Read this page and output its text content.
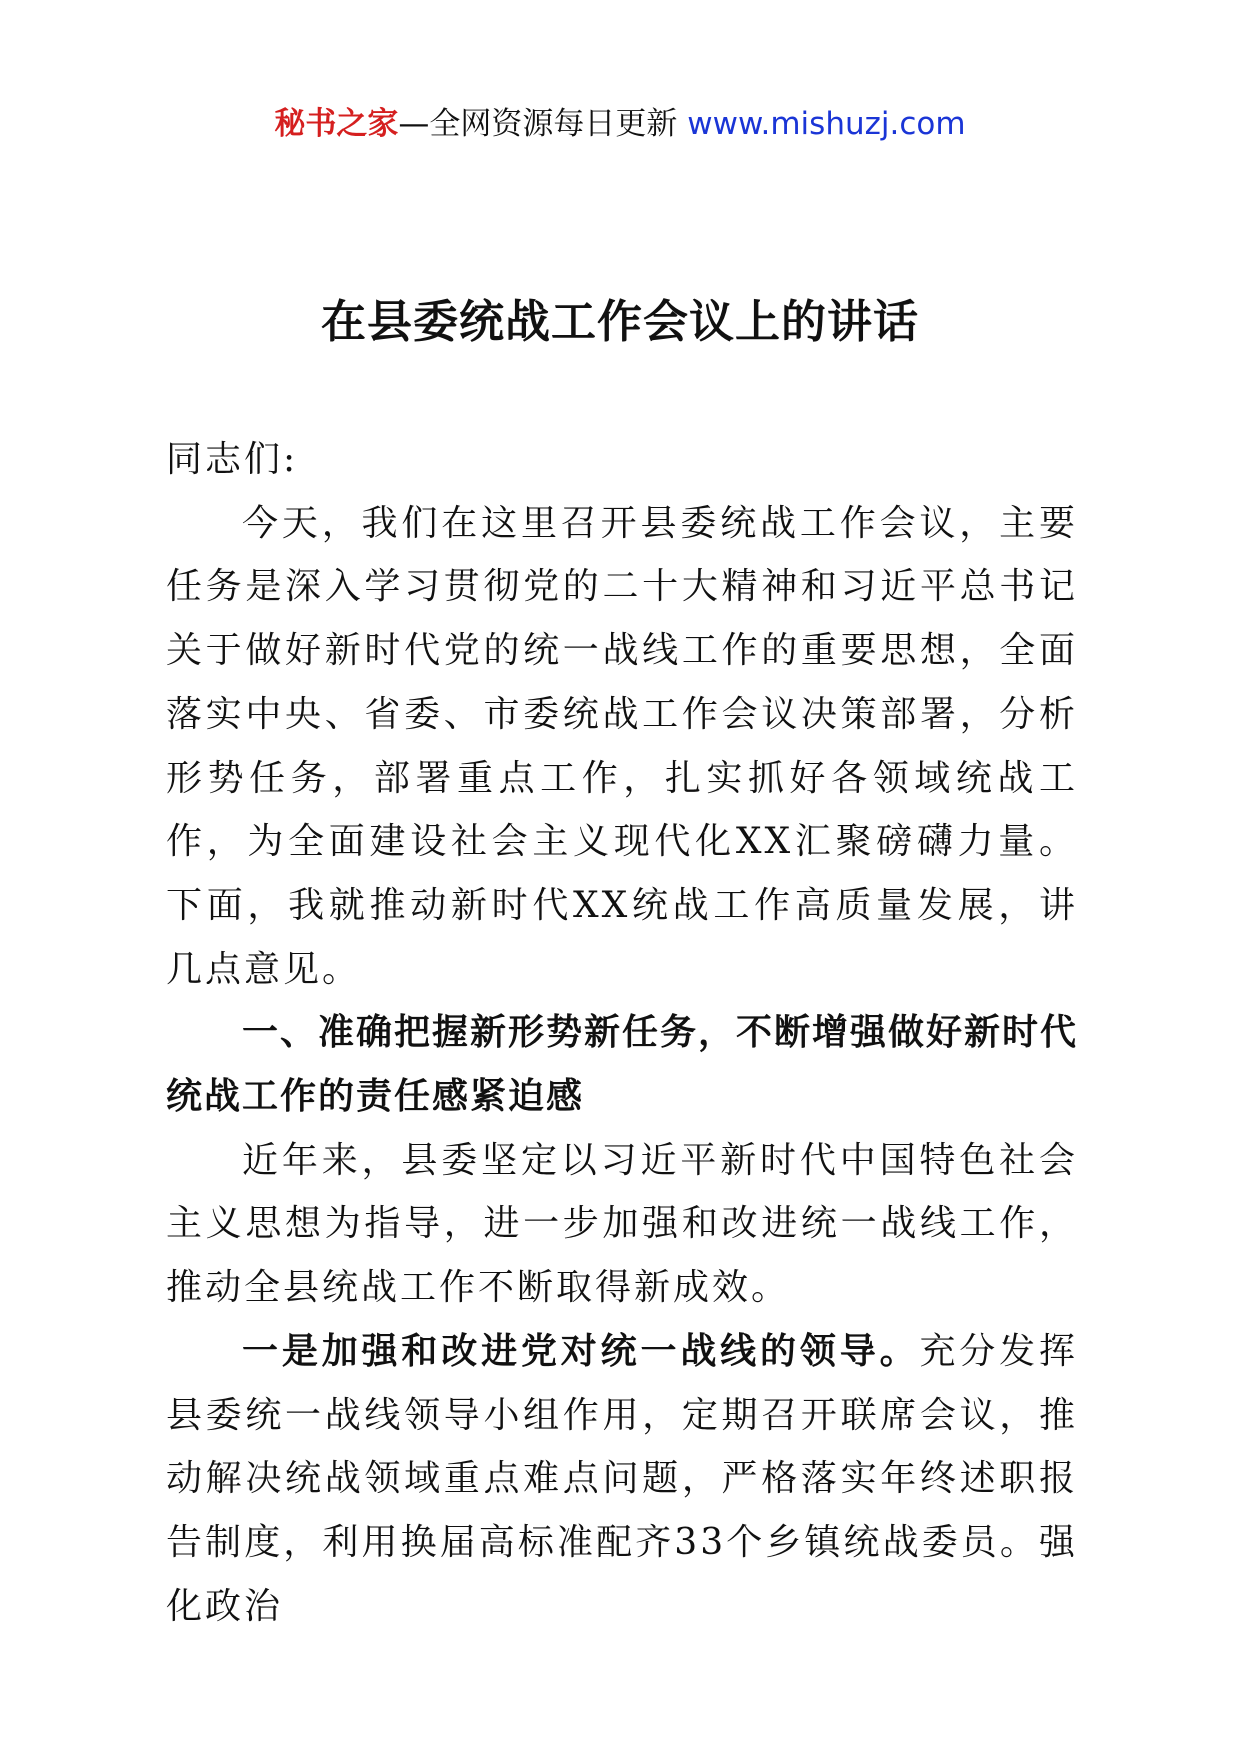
秘书之家—全网资源每日更新 www.mishuzj.com
在县委统战工作会议上的讲话

同志们:

今天，我们在这里召开县委统战工作会议，主要任务是深入学习贯彻党的二十大精神和习近平总书记关于做好新时代党的统一战线工作的重要思想，全面落实中央、省委、市委统战工作会议决策部署，分析形势任务，部署重点工作，扎实抓好各领域统战工作，为全面建设社会主义现代化XX汇聚磅礴力量。下面，我就推动新时代XX统战工作高质量发展，讲几点意见。

一、准确把握新形势新任务，不断增强做好新时代统战工作的责任感紧迫感

近年来，县委坚定以习近平新时代中国特色社会主义思想为指导，进一步加强和改进统一战线工作，推动全县统战工作不断取得新成效。

一是加强和改进党对统一战线的领导。充分发挥县委统一战线领导小组作用，定期召开联席会议，推动解决统战领域重点难点问题，严格落实年终述职报告制度，利用换届高标准配齐33个乡镇统战委员。强化政治
